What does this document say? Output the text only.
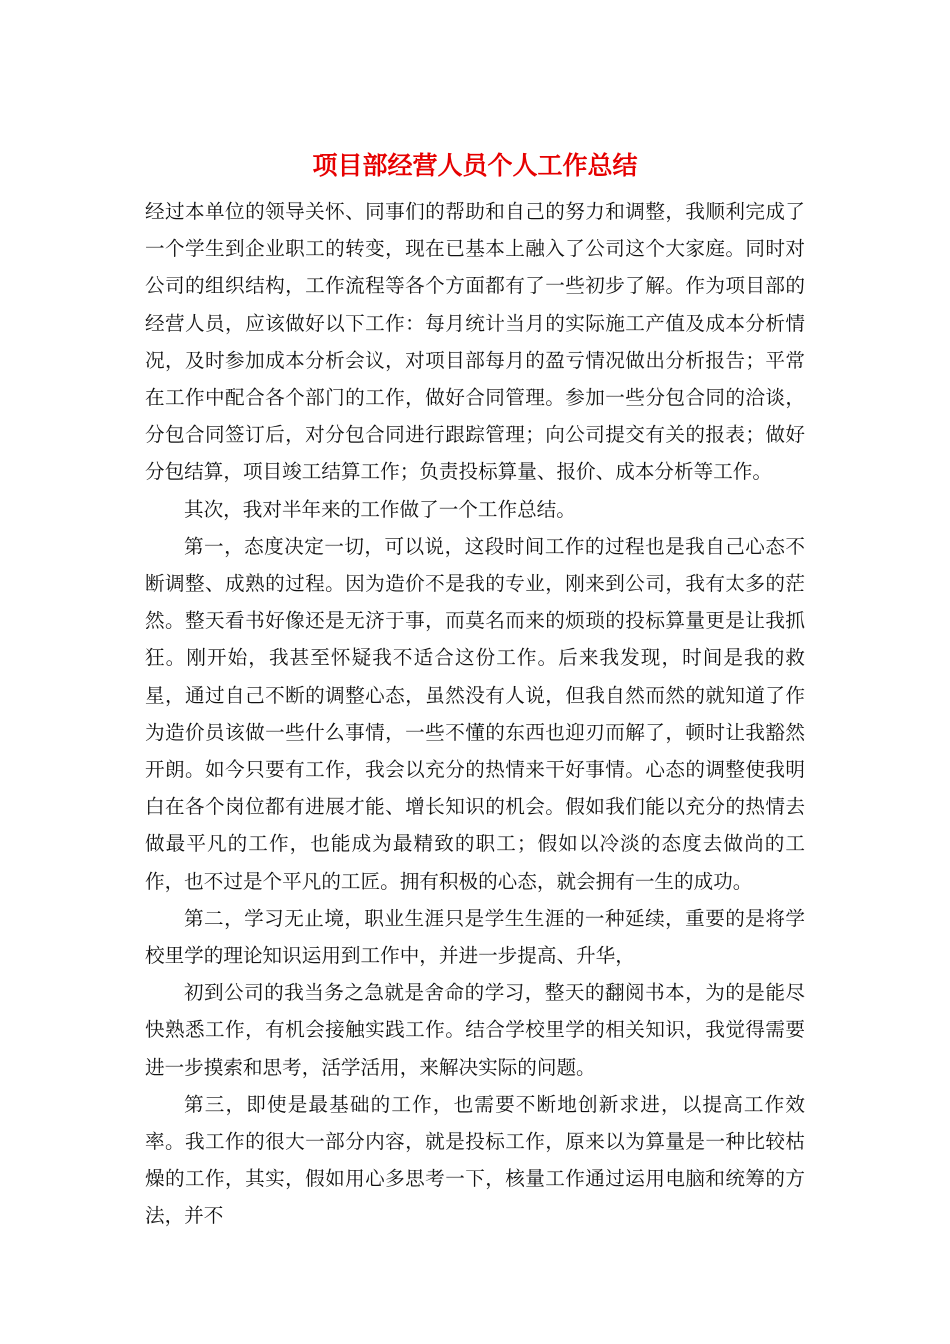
项目部经营人员个人工作总结

经过本单位的领导关怀、同事们的帮助和自己的努力和调整，我顺利完成了一个学生到企业职工的转变，现在已基本上融入了公司这个大家庭。同时对公司的组织结构，工作流程等各个方面都有了一些初步了解。作为项目部的经营人员，应该做好以下工作：每月统计当月的实际施工产值及成本分析情况，及时参加成本分析会议，对项目部每月的盈亏情况做出分析报告；平常在工作中配合各个部门的工作，做好合同管理。参加一些分包合同的洽谈，分包合同签订后，对分包合同进行跟踪管理；向公司提交有关的报表；做好分包结算，项目竣工结算工作；负责投标算量、报价、成本分析等工作。

其次，我对半年来的工作做了一个工作总结。

第一，态度决定一切，可以说，这段时间工作的过程也是我自己心态不断调整、成熟的过程。因为造价不是我的专业，刚来到公司，我有太多的茫然。整天看书好像还是无济于事，而莫名而来的烦琐的投标算量更是让我抓狂。刚开始，我甚至怀疑我不适合这份工作。后来我发现，时间是我的救星，通过自己不断的调整心态，虽然没有人说，但我自然而然的就知道了作为造价员该做一些什么事情，一些不懂的东西也迎刃而解了，顿时让我豁然开朗。如今只要有工作，我会以充分的热情来干好事情。心态的调整使我明白在各个岗位都有进展才能、增长知识的机会。假如我们能以充分的热情去做最平凡的工作，也能成为最精致的职工；假如以冷淡的态度去做尚的工作，也不过是个平凡的工匠。拥有积极的心态，就会拥有一生的成功。

第二，学习无止境，职业生涯只是学生生涯的一种延续，重要的是将学校里学的理论知识运用到工作中，并进一步提高、升华，

初到公司的我当务之急就是舍命的学习，整天的翻阅书本，为的是能尽快熟悉工作，有机会接触实践工作。结合学校里学的相关知识，我觉得需要进一步摸索和思考，活学活用，来解决实际的问题。

第三，即使是最基础的工作，也需要不断地创新求进，以提高工作效率。我工作的很大一部分内容，就是投标工作，原来以为算量是一种比较枯燥的工作，其实，假如用心多思考一下，核量工作通过运用电脑和统筹的方法，并不
